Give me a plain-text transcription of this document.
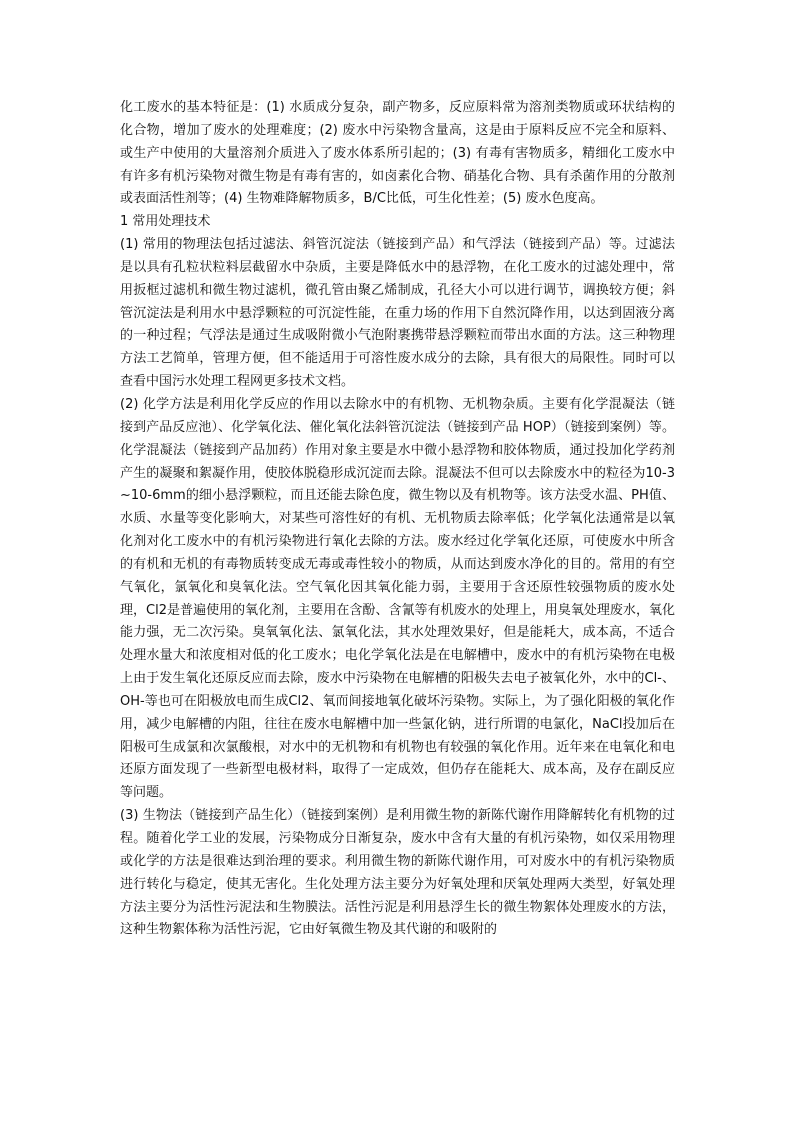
化工废水的基本特征是：(1) 水质成分复杂，副产物多，反应原料常为溶剂类物质或环状结构的化合物，增加了废水的处理难度；(2) 废水中污染物含量高，这是由于原料反应不完全和原料、或生产中使用的大量溶剂介质进入了废水体系所引起的；(3) 有毒有害物质多，精细化工废水中有许多有机污染物对微生物是有毒有害的，如卤素化合物、硝基化合物、具有杀菌作用的分散剂或表面活性剂等；(4) 生物难降解物质多，B/C比低，可生化性差；(5) 废水色度高。

1 常用处理技术

(1) 常用的物理法包括过滤法、斜管沉淀法（链接到产品）和气浮法（链接到产品）等。过滤法是以具有孔粒状粒料层截留水中杂质，主要是降低水中的悬浮物，在化工废水的过滤处理中，常用扳框过滤机和微生物过滤机，微孔管由聚乙烯制成，孔径大小可以进行调节，调换较方便；斜管沉淀法是利用水中悬浮颗粒的可沉淀性能，在重力场的作用下自然沉降作用，以达到固液分离的一种过程；气浮法是通过生成吸附微小气泡附裹携带悬浮颗粒而带出水面的方法。这三种物理方法工艺简单，管理方便，但不能适用于可溶性废水成分的去除，具有很大的局限性。同时可以查看中国污水处理工程网更多技术文档。

(2) 化学方法是利用化学反应的作用以去除水中的有机物、无机物杂质。主要有化学混凝法（链接到产品反应池）、化学氧化法、催化氧化法斜管沉淀法（链接到产品 HOP）（链接到案例）等。化学混凝法（链接到产品加药）作用对象主要是水中微小悬浮物和胶体物质，通过投加化学药剂产生的凝聚和絮凝作用，使胶体脱稳形成沉淀而去除。混凝法不但可以去除废水中的粒径为10-3~10-6mm的细小悬浮颗粒，而且还能去除色度，微生物以及有机物等。该方法受水温、PH值、水质、水量等变化影响大，对某些可溶性好的有机、无机物质去除率低；化学氧化法通常是以氧化剂对化工废水中的有机污染物进行氧化去除的方法。废水经过化学氧化还原，可使废水中所含的有机和无机的有毒物质转变成无毒或毒性较小的物质，从而达到废水净化的目的。常用的有空气氧化，氯氧化和臭氧化法。空气氧化因其氧化能力弱，主要用于含还原性较强物质的废水处理，Cl2是普遍使用的氧化剂，主要用在含酚、含氰等有机废水的处理上，用臭氧处理废水，氧化能力强，无二次污染。臭氧氧化法、氯氧化法，其水处理效果好，但是能耗大，成本高，不适合处理水量大和浓度相对低的化工废水；电化学氧化法是在电解槽中，废水中的有机污染物在电极上由于发生氧化还原反应而去除，废水中污染物在电解槽的阳极失去电子被氧化外，水中的Cl-、OH-等也可在阳极放电而生成Cl2、氧而间接地氧化破坏污染物。实际上，为了强化阳极的氧化作用，减少电解槽的内阻，往往在废水电解槽中加一些氯化钠，进行所谓的电氯化，NaCl投加后在阳极可生成氯和次氯酸根，对水中的无机物和有机物也有较强的氧化作用。近年来在电氧化和电还原方面发现了一些新型电极材料，取得了一定成效，但仍存在能耗大、成本高，及存在副反应等问题。

(3) 生物法（链接到产品生化）（链接到案例）是利用微生物的新陈代谢作用降解转化有机物的过程。随着化学工业的发展，污染物成分日渐复杂，废水中含有大量的有机污染物，如仅采用物理或化学的方法是很难达到治理的要求。利用微生物的新陈代谢作用，可对废水中的有机污染物质进行转化与稳定，使其无害化。生化处理方法主要分为好氧处理和厌氧处理两大类型，好氧处理方法主要分为活性污泥法和生物膜法。活性污泥是利用悬浮生长的微生物絮体处理废水的方法，这种生物絮体称为活性污泥，它由好氧微生物及其代谢的和吸附的
